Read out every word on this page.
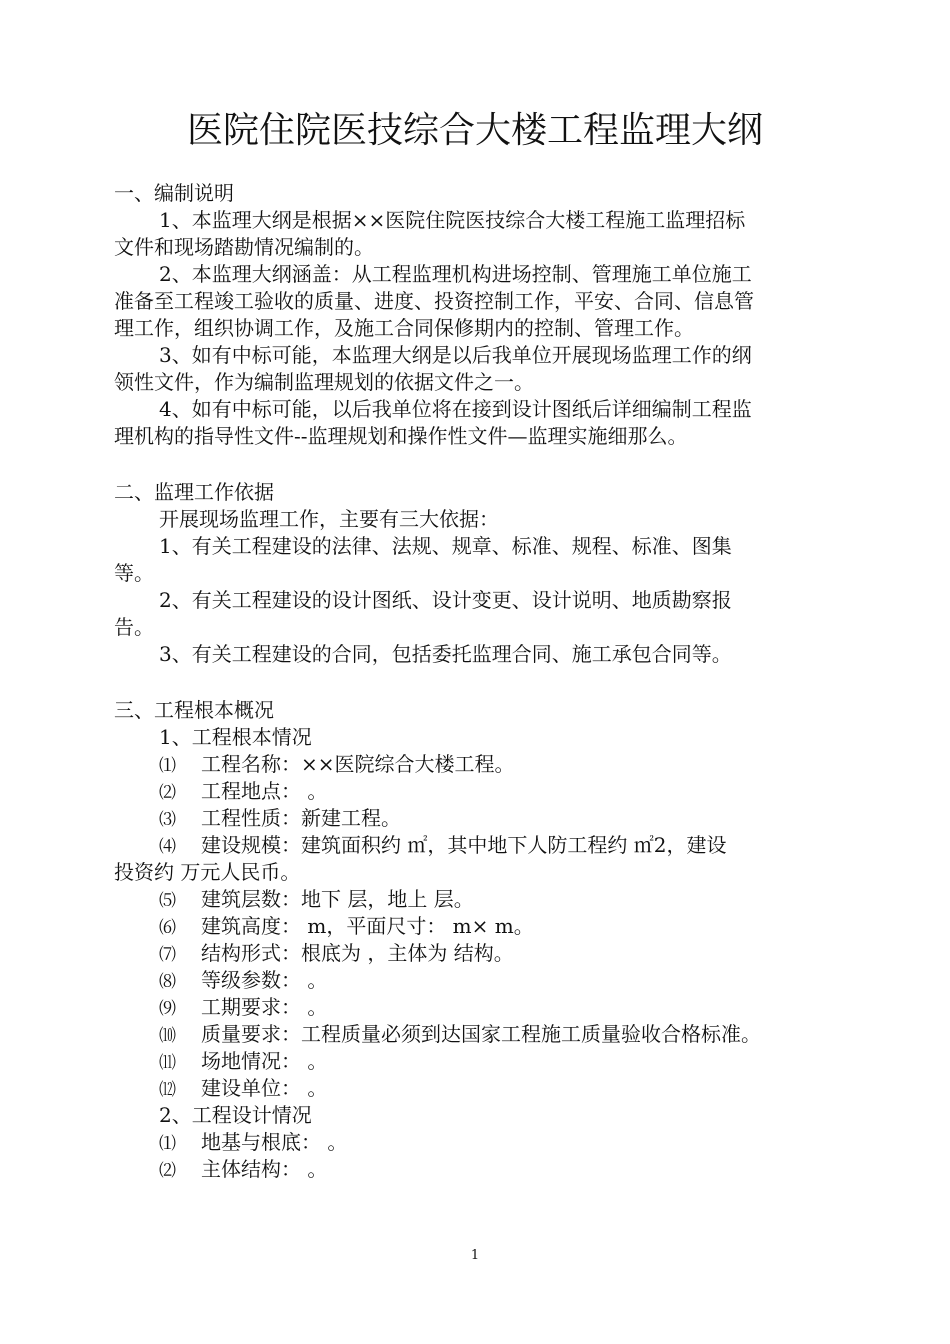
医院住院医技综合大楼工程监理大纲
一、编制说明
1、本监理大纲是根据××医院住院医技综合大楼工程施工监理招标
文件和现场踏勘情况编制的。
2、本监理大纲涵盖：从工程监理机构进场控制、管理施工单位施工
准备至工程竣工验收的质量、进度、投资控制工作，平安、合同、信息管
理工作，组织协调工作，及施工合同保修期内的控制、管理工作。
3、如有中标可能，本监理大纲是以后我单位开展现场监理工作的纲
领性文件，作为编制监理规划的依据文件之一。
4、如有中标可能，以后我单位将在接到设计图纸后详细编制工程监
理机构的指导性文件--监理规划和操作性文件—监理实施细那么。
二、监理工作依据
开展现场监理工作，主要有三大依据：
1、有关工程建设的法律、法规、规章、标准、规程、标准、图集
等。
2、有关工程建设的设计图纸、设计变更、设计说明、地质勘察报
告。
3、有关工程建设的合同，包括委托监理合同、施工承包合同等。
三、工程根本概况
1、工程根本情况
⑴ 工程名称：××医院综合大楼工程。
⑵ 工程地点： 。
⑶ 工程性质：新建工程。
⑷ 建设规模：建筑面积约 ㎡，其中地下人防工程约 ㎡2，建设
投资约 万元人民币。
⑸ 建筑层数：地下 层，地上 层。
⑹ 建筑高度： m，平面尺寸： m× m。
⑺ 结构形式：根底为 ，主体为 结构。
⑻ 等级参数： 。
⑼ 工期要求： 。
⑽ 质量要求：工程质量必须到达国家工程施工质量验收合格标准。
⑾ 场地情况： 。
⑿ 建设单位： 。
2、工程设计情况
⑴ 地基与根底： 。
⑵ 主体结构： 。
1
